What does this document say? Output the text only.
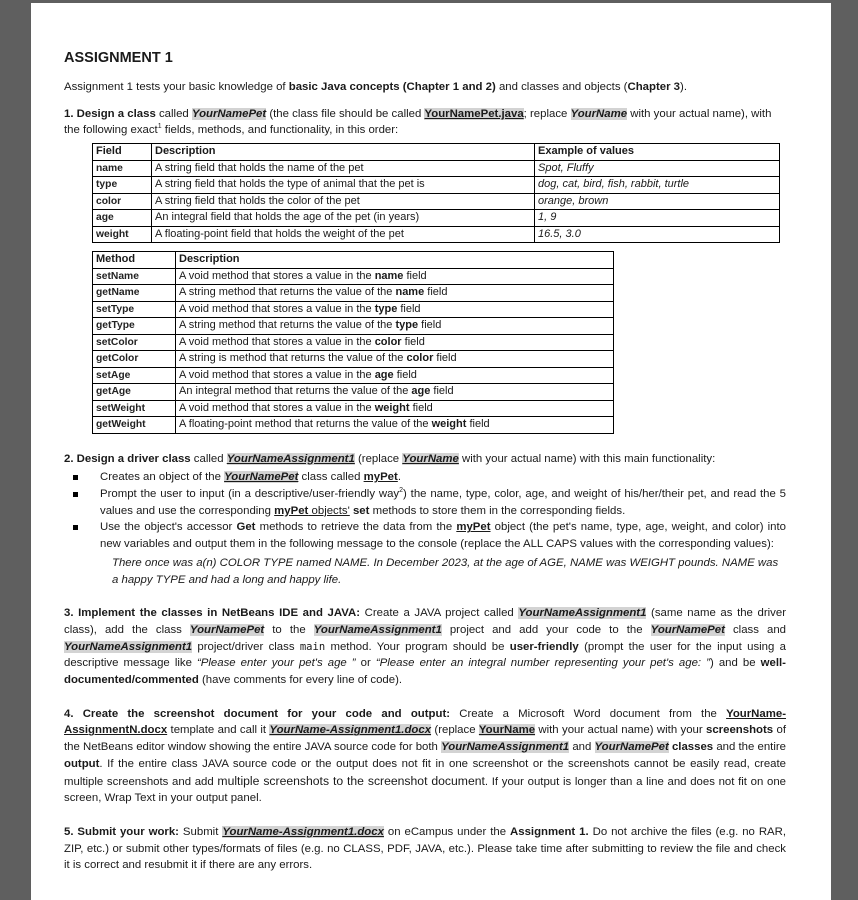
ASSIGNMENT 1

Assignment 1 tests your basic knowledge of basic Java concepts (Chapter 1 and 2) and classes and objects (Chapter 3).

1. Design a class called YourNamePet (the class file should be called YourNamePet.java; replace YourName with your actual name), with the following exact$^1$ fields, methods, and functionality, in this order:

Field	Description	Example of values
name	A string field that holds the name of the pet	Spot, Fluffy
type	A string field that holds the type of animal that the pet is	dog, cat, bird, fish, rabbit, turtle
color	A string field that holds the color of the pet	orange, brown
age	An integral field that holds the age of the pet (in years)	1, 9
weight	A floating-point field that holds the weight of the pet	16.5, 3.0
Method	Description
setName	A void method that stores a value in the name field
getName	A string method that returns the value of the name field
setType	A void method that stores a value in the type field
getType	A string method that returns the value of the type field
setColor	A void method that stores a value in the color field
getColor	A string is method that returns the value of the color field
setAge	A void method that stores a value in the age field
getAge	An integral method that returns the value of the age field
setWeight	A void method that stores a value in the weight field
getWeight	A floating-point method that returns the value of the weight field

2. Design a driver class called YourNameAssignment1 (replace YourName with your actual name) with this main functionality:

Creates an object of the YourNamePet class called myPet.
Prompt the user to input (in a descriptive/user-friendly way$^2$) the name, type, color, age, and weight of his/her/their pet, and read the 5 values and use the corresponding myPet objects' set methods to store them in the corresponding fields.
Use the object's accessor Get methods to retrieve the data from the myPet object (the pet's name, type, age, weight, and color) into new variables and output them in the following message to the console (replace the ALL CAPS values with the corresponding values):

There once was a(n) COLOR TYPE named NAME. In December 2023, at the age of AGE, NAME was WEIGHT pounds. NAME was a happy TYPE and had a long and happy life.

3. Implement the classes in NetBeans IDE and JAVA: Create a JAVA project called YourNameAssignment1 (same name as the driver class), add the class YourNamePet to the YourNameAssignment1 project and add your code to the YourNamePet class and YourNameAssignment1 project/driver class main method. Your program should be user-friendly (prompt the user for the input using a descriptive message like “Please enter your pet's age ” or “Please enter an integral number representing your pet's age: ”) and be well-documented/commented (have comments for every line of code).

4. Create the screenshot document for your code and output: Create a Microsoft Word document from the YourName-AssignmentN.docx template and call it YourName-Assignment1.docx (replace YourName with your actual name) with your screenshots of the NetBeans editor window showing the entire JAVA source code for both YourNameAssignment1 and YourNamePet classes and the entire output. If the entire class JAVA source code or the output does not fit in one screenshot or the screenshots cannot be easily read, create multiple screenshots and add multiple screenshots to the screenshot document. If your output is longer than a line and does not fit on one screen, Wrap Text in your output panel.

5. Submit your work: Submit YourName-Assignment1.docx on eCampus under the Assignment 1. Do not archive the files (e.g. no RAR, ZIP, etc.) or submit other types/formats of files (e.g. no CLASS, PDF, JAVA, etc.). Please take time after submitting to review the file and check it is correct and resubmit it if there are any errors.
